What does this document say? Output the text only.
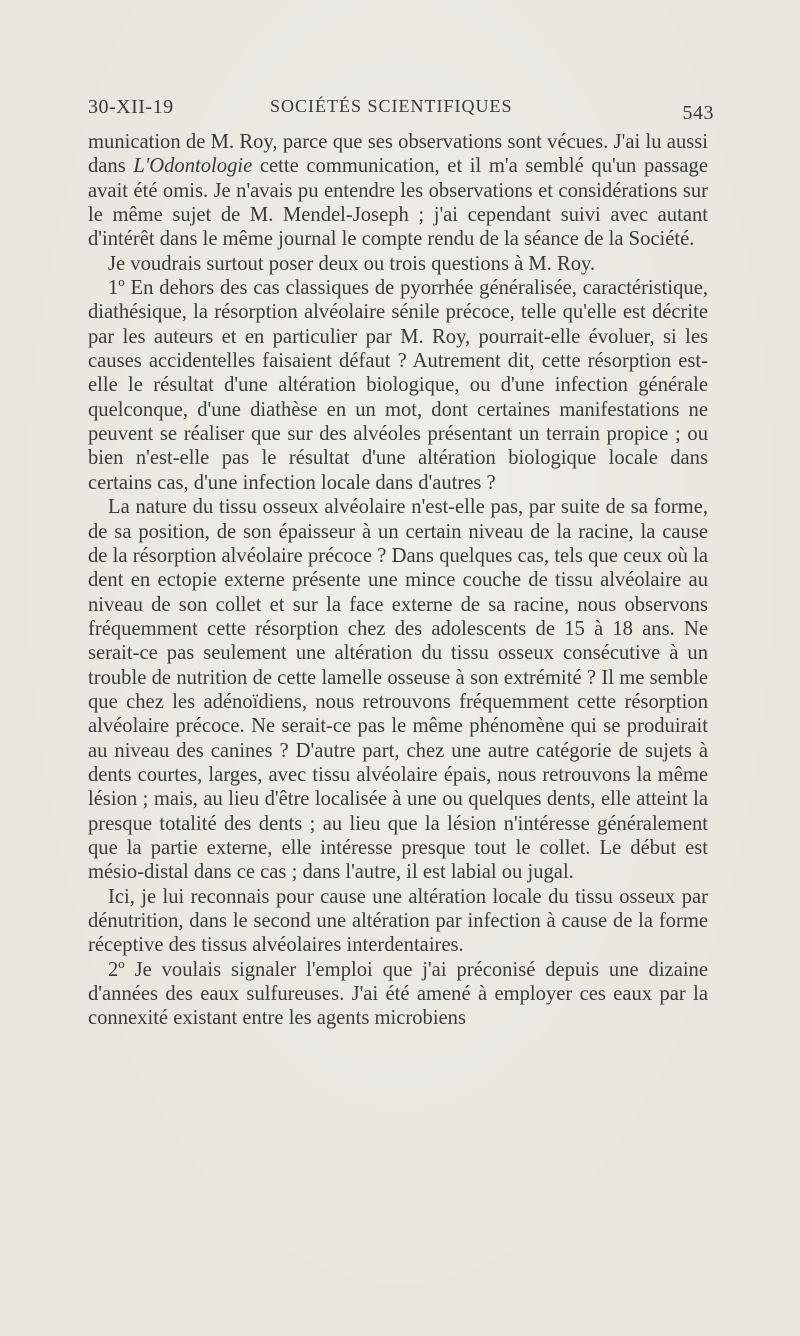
30-XII-19	SOCIÉTÉS SCIENTIFIQUES	543

munication de M. Roy, parce que ses observations sont vécues. J'ai lu aussi dans L'Odontologie cette communication, et il m'a semblé qu'un passage avait été omis. Je n'avais pu entendre les observations et considérations sur le même sujet de M. Mendel-Joseph ; j'ai cependant suivi avec autant d'intérêt dans le même journal le compte rendu de la séance de la Société.

Je voudrais surtout poser deux ou trois questions à M. Roy.

1º En dehors des cas classiques de pyorrhée généralisée, caractéristique, diathésique, la résorption alvéolaire sénile précoce, telle qu'elle est décrite par les auteurs et en particulier par M. Roy, pourrait-elle évoluer, si les causes accidentelles faisaient défaut ? Autrement dit, cette résorption est-elle le résultat d'une altération biologique, ou d'une infection générale quelconque, d'une diathèse en un mot, dont certaines manifestations ne peuvent se réaliser que sur des alvéoles présentant un terrain propice ; ou bien n'est-elle pas le résultat d'une altération biologique locale dans certains cas, d'une infection locale dans d'autres ?

La nature du tissu osseux alvéolaire n'est-elle pas, par suite de sa forme, de sa position, de son épaisseur à un certain niveau de la racine, la cause de la résorption alvéolaire précoce ? Dans quelques cas, tels que ceux où la dent en ectopie externe présente une mince couche de tissu alvéolaire au niveau de son collet et sur la face externe de sa racine, nous observons fréquemment cette résorption chez des adolescents de 15 à 18 ans. Ne serait-ce pas seulement une altération du tissu osseux consécutive à un trouble de nutrition de cette lamelle osseuse à son extrémité ? Il me semble que chez les adénoïdiens, nous retrouvons fréquemment cette résorption alvéolaire précoce. Ne serait-ce pas le même phénomène qui se produirait au niveau des canines ? D'autre part, chez une autre catégorie de sujets à dents courtes, larges, avec tissu alvéolaire épais, nous retrouvons la même lésion ; mais, au lieu d'être localisée à une ou quelques dents, elle atteint la presque totalité des dents ; au lieu que la lésion n'intéresse généralement que la partie externe, elle intéresse presque tout le collet. Le début est mésio-distal dans ce cas ; dans l'autre, il est labial ou jugal.

Ici, je lui reconnais pour cause une altération locale du tissu osseux par dénutrition, dans le second une altération par infection à cause de la forme réceptive des tissus alvéolaires interdentaires.

2º Je voulais signaler l'emploi que j'ai préconisé depuis une dizaine d'années des eaux sulfureuses. J'ai été amené à employer ces eaux par la connexité existant entre les agents microbiens
